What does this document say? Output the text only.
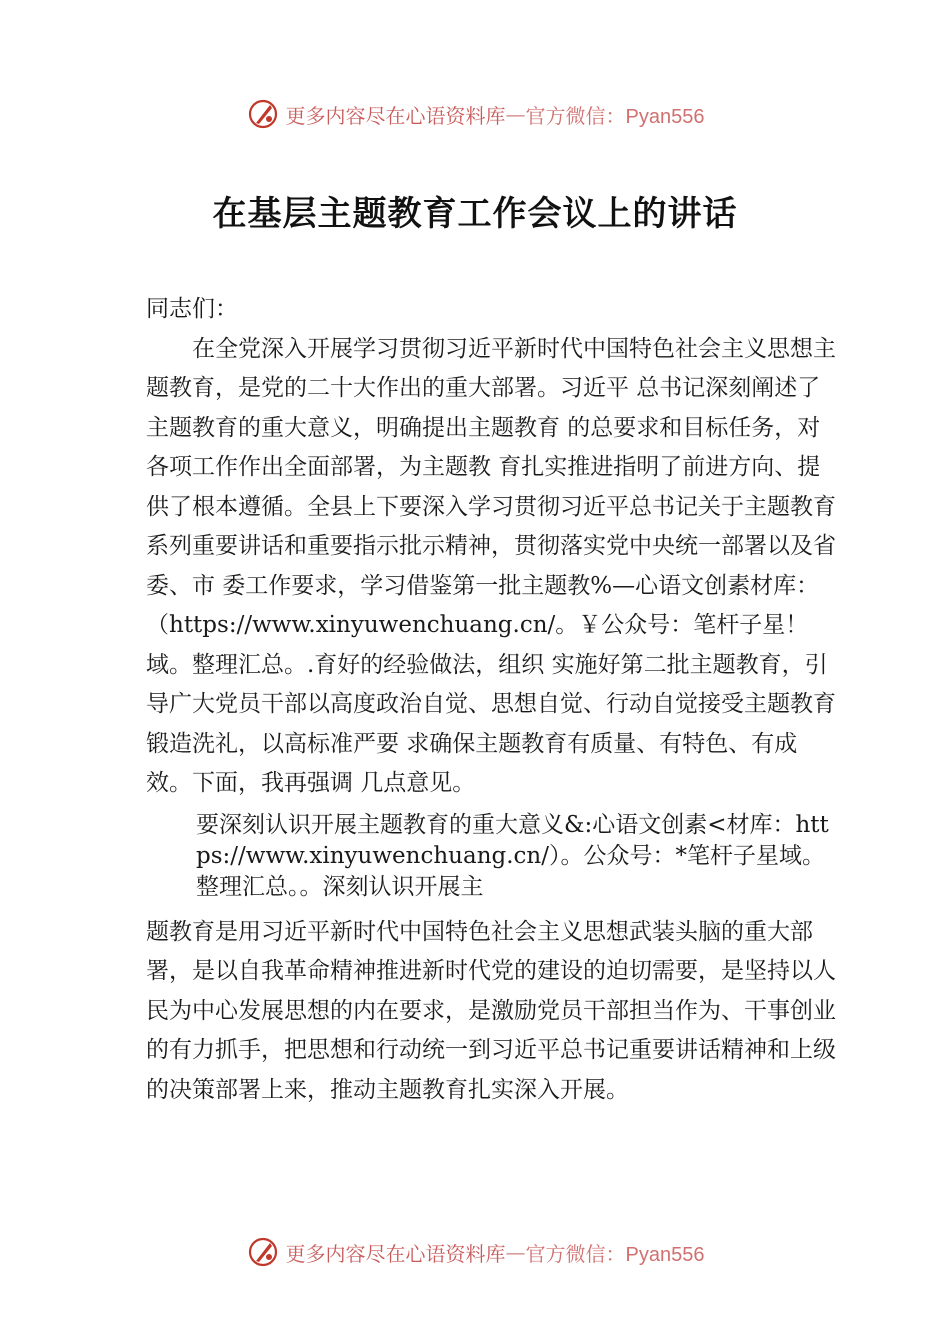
更多内容尽在心语资料库 — 官方微信：Pyan556
在基层主题教育工作会议上的讲话

同志们：

在全党深入开展学习贯彻习近平新时代中国特色社会主义思想主题教育，是党的二十大作出的重大部署。习近平 总书记深刻阐述了主题教育的重大意义，明确提出主题教育 的总要求和目标任务，对各项工作作出全面部署，为主题教 育扎实推进指明了前进方向、提供了根本遵循。全县上下要深入学习贯彻习近平总书记关于主题教育系列重要讲话和重要指示批示精神，贯彻落实党中央统一部署以及省委、市 委工作要求，学习借鉴第一批主题教%—心语文创素材库：（https://www.xinyuwenchuang.cn/。￥公众号：笔杆子星！域。整理汇总。.育好的经验做法，组织 实施好第二批主题教育，引导广大党员干部以高度政治自觉、思想自觉、行动自觉接受主题教育锻造洗礼，以高标准严要 求确保主题教育有质量、有特色、有成效。下面，我再强调 几点意见。

要深刻认识开展主题教育的重大意义&:心语文创素<材库：https://www.xinyuwenchuang.cn/）。公众号：*笔杆子星域。整理汇总。。深刻认识开展主

题教育是用习近平新时代中国特色社会主义思想武装头脑的重大部署，是以自我革命精神推进新时代党的建设的迫切需要，是坚持以人民为中心发展思想的内在要求，是激励党员干部担当作为、干事创业的有力抓手，把思想和行动统一到习近平总书记重要讲话精神和上级的决策部署上来，推动主题教育扎实深入开展。

更多内容尽在心语资料库 — 官方微信：Pyan556
